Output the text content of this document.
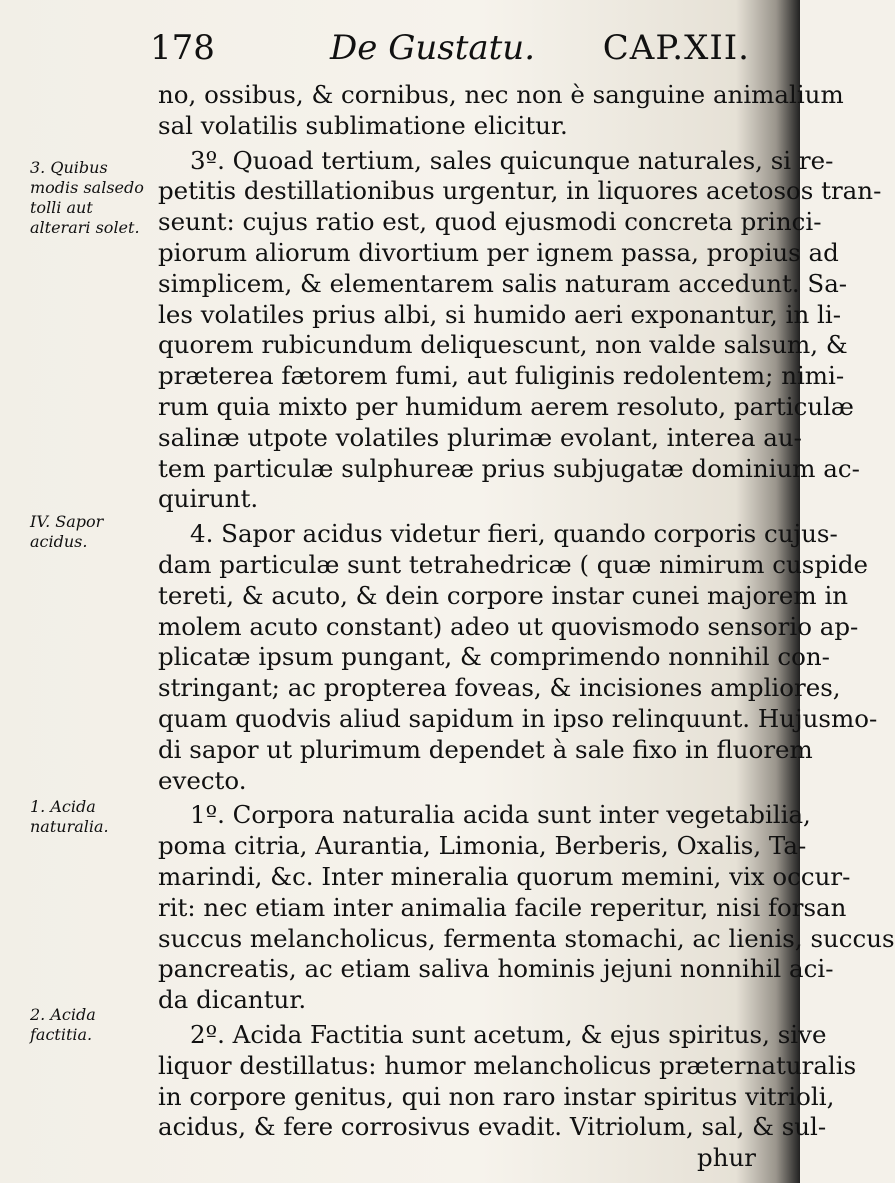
178	De Gustatu. CAP.XII.
3. Quibus modis salsedo tolli aut alterari solet.
IV. Sapor acidus.
1. Acida naturalia.
2. Acida factitia.
no, ossibus, & cornibus, nec non è sanguine animalium
sal volatilis sublimatione elicitur.
3º. Quoad tertium, sales quicunque naturales, si re-
petitis destillationibus urgentur, in liquores acetosos tran-
seunt: cujus ratio est, quod ejusmodi concreta princi-
piorum aliorum divortium per ignem passa, propius ad
simplicem, & elementarem salis naturam accedunt. Sa-
les volatiles prius albi, si humido aeri exponantur, in li-
quorem rubicundum deliquescunt, non valde salsum, &
præterea fætorem fumi, aut fuliginis redolentem; nimi-
rum quia mixto per humidum aerem resoluto, particulæ
salinæ utpote volatiles plurimæ evolant, interea au-
tem particulæ sulphureæ prius subjugatæ dominium ac-
quirunt.
4. Sapor acidus videtur fieri, quando corporis cujus-
dam particulæ sunt tetrahedricæ ( quæ nimirum cuspide
tereti, & acuto, & dein corpore instar cunei majorem in
molem acuto constant) adeo ut quovismodo sensorio ap-
plicatæ ipsum pungant, & comprimendo nonnihil con-
stringant; ac propterea foveas, & incisiones ampliores,
quam quodvis aliud sapidum in ipso relinquunt. Hujusmo-
di sapor ut plurimum dependet à sale fixo in fluorem
evecto.
1º. Corpora naturalia acida sunt inter vegetabilia,
poma citria, Aurantia, Limonia, Berberis, Oxalis, Ta-
marindi, &c. Inter mineralia quorum memini, vix occur-
rit: nec etiam inter animalia facile reperitur, nisi forsan
succus melancholicus, fermenta stomachi, ac lienis, succus
pancreatis, ac etiam saliva hominis jejuni nonnihil aci-
da dicantur.
2º. Acida Factitia sunt acetum, & ejus spiritus, sive
liquor destillatus: humor melancholicus præternaturalis
in corpore genitus, qui non raro instar spiritus vitrioli,
acidus, & fere corrosivus evadit. Vitriolum, sal, & sul-
phur
